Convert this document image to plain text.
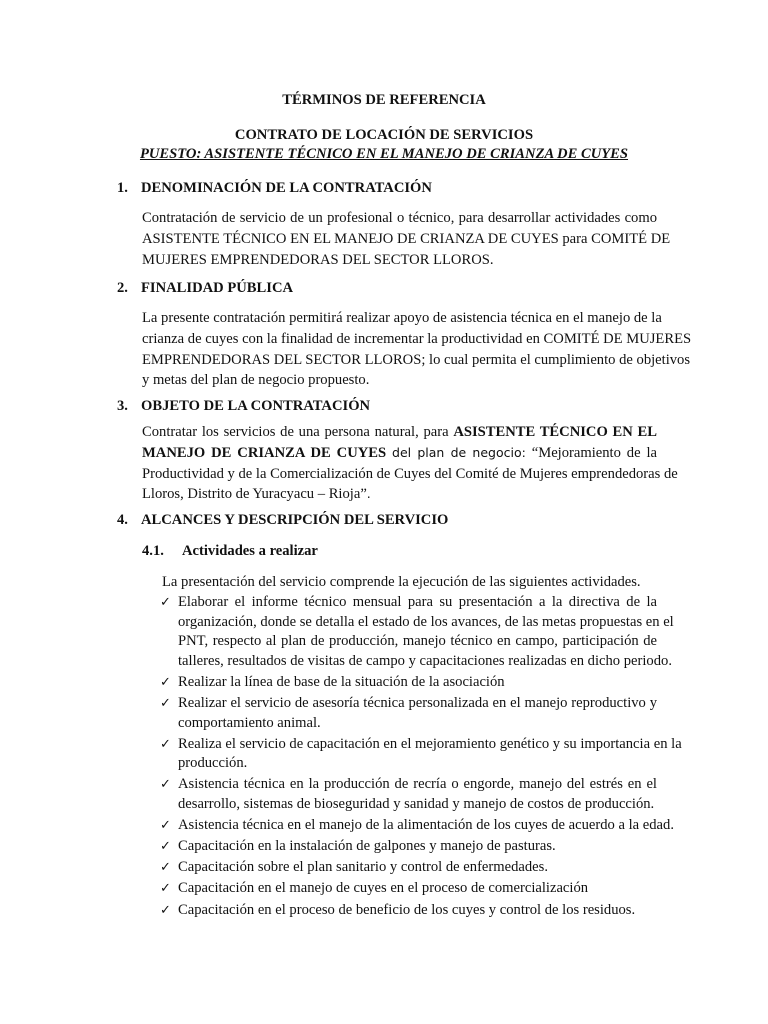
TÉRMINOS DE REFERENCIA
CONTRATO DE LOCACIÓN DE SERVICIOS
PUESTO: ASISTENTE TÉCNICO EN EL MANEJO DE CRIANZA DE CUYES
1. DENOMINACIÓN DE LA CONTRATACIÓN
Contratación de servicio de un profesional o técnico, para desarrollar actividades como
ASISTENTE TÉCNICO EN EL MANEJO DE CRIANZA DE CUYES para COMITÉ DE
MUJERES EMPRENDEDORAS DEL SECTOR LLOROS.
2. FINALIDAD PÚBLICA
La presente contratación permitirá realizar apoyo de asistencia técnica en el manejo de la
crianza de cuyes con la finalidad de incrementar la productividad en COMITÉ DE MUJERES
EMPRENDEDORAS DEL SECTOR LLOROS; lo cual permita el cumplimiento de objetivos
y metas del plan de negocio propuesto.
3. OBJETO DE LA CONTRATACIÓN
Contratar los servicios de una persona natural, para ASISTENTE TÉCNICO EN EL
MANEJO DE CRIANZA DE CUYES del plan de negocio: “Mejoramiento de la
Productividad y de la Comercialización de Cuyes del Comité de Mujeres emprendedoras de
Lloros, Distrito de Yuracyacu – Rioja”.
4. ALCANCES Y DESCRIPCIÓN DEL SERVICIO
4.1. Actividades a realizar
La presentación del servicio comprende la ejecución de las siguientes actividades.
✓ Elaborar el informe técnico mensual para su presentación a la directiva de la
organización, donde se detalla el estado de los avances, de las metas propuestas en el
PNT, respecto al plan de producción, manejo técnico en campo, participación de
talleres, resultados de visitas de campo y capacitaciones realizadas en dicho periodo.
✓ Realizar la línea de base de la situación de la asociación
✓ Realizar el servicio de asesoría técnica personalizada en el manejo reproductivo y
comportamiento animal.
✓ Realiza el servicio de capacitación en el mejoramiento genético y su importancia en la
producción.
✓ Asistencia técnica en la producción de recría o engorde, manejo del estrés en el
desarrollo, sistemas de bioseguridad y sanidad y manejo de costos de producción.
✓ Asistencia técnica en el manejo de la alimentación de los cuyes de acuerdo a la edad.
✓ Capacitación en la instalación de galpones y manejo de pasturas.
✓ Capacitación sobre el plan sanitario y control de enfermedades.
✓ Capacitación en el manejo de cuyes en el proceso de comercialización
✓ Capacitación en el proceso de beneficio de los cuyes y control de los residuos.
